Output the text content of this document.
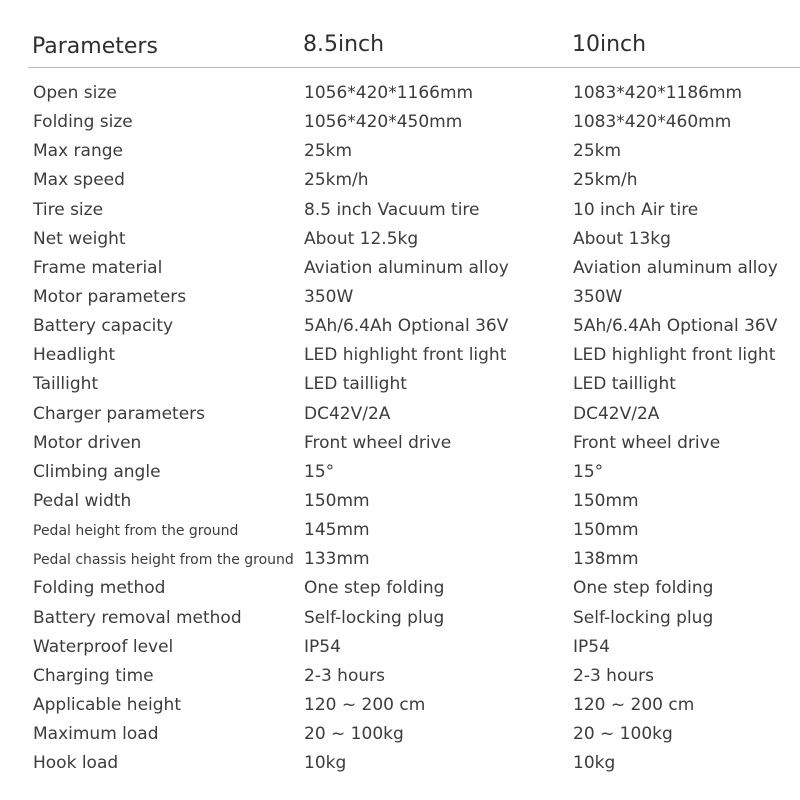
Parameters	8.5inch	10inch
Open size	1056*420*1166mm	1083*420*1186mm
Folding size	1056*420*450mm	1083*420*460mm
Max range	25km	25km
Max speed	25km/h	25km/h
Tire size	8.5 inch Vacuum tire	10 inch Air tire
Net weight	About 12.5kg	About 13kg
Frame material	Aviation aluminum alloy	Aviation aluminum alloy
Motor parameters	350W	350W
Battery capacity	5Ah/6.4Ah Optional 36V	5Ah/6.4Ah Optional 36V
Headlight	LED highlight front light	LED highlight front light
Taillight	LED taillight	LED taillight
Charger parameters	DC42V/2A	DC42V/2A
Motor driven	Front wheel drive	Front wheel drive
Climbing angle	15°	15°
Pedal width	150mm	150mm
Pedal height from the ground	145mm	150mm
Pedal chassis height from the ground 133mm	138mm
Folding method	One step folding	One step folding
Battery removal method	Self-locking plug	Self-locking plug
Waterproof level	IP54	IP54
Charging time	2-3 hours	2-3 hours
Applicable height	120 ~ 200 cm	120 ~ 200 cm
Maximum load	20 ~ 100kg	20 ~ 100kg
Hook load	10kg	10kg
